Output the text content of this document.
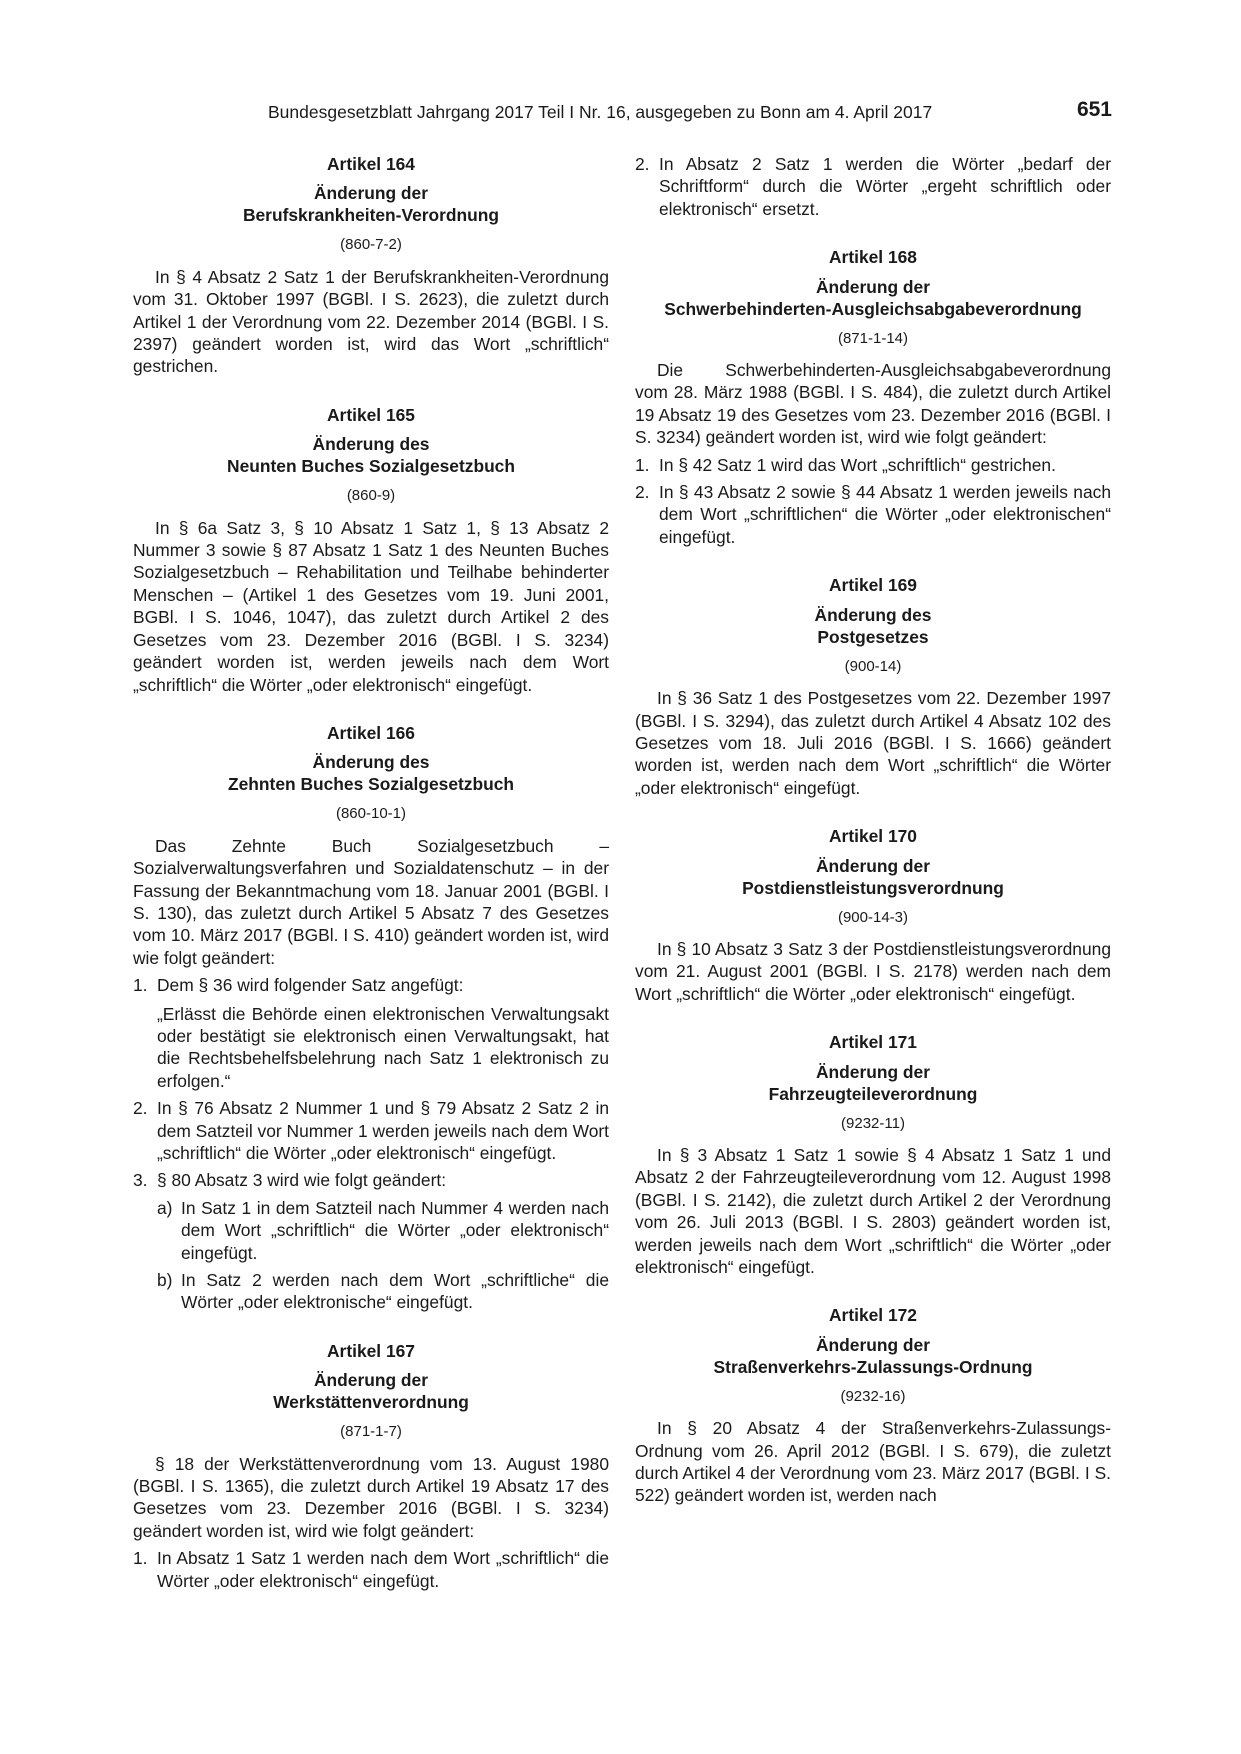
Bundesgesetzblatt Jahrgang 2017 Teil I Nr. 16, ausgegeben zu Bonn am 4. April 2017	651
Artikel 164
Änderung der
Berufskrankheiten-Verordnung
(860-7-2)

In § 4 Absatz 2 Satz 1 der Berufskrankheiten-Verordnung vom 31. Oktober 1997 (BGBl. I S. 2623), die zuletzt durch Artikel 1 der Verordnung vom 22. Dezember 2014 (BGBl. I S. 2397) geändert worden ist, wird das Wort „schriftlich“ gestrichen.

Artikel 165
Änderung des
Neunten Buches Sozialgesetzbuch
(860-9)

In § 6a Satz 3, § 10 Absatz 1 Satz 1, § 13 Absatz 2 Nummer 3 sowie § 87 Absatz 1 Satz 1 des Neunten Buches Sozialgesetzbuch – Rehabilitation und Teilhabe behinderter Menschen – (Artikel 1 des Gesetzes vom 19. Juni 2001, BGBl. I S. 1046, 1047), das zuletzt durch Artikel 2 des Gesetzes vom 23. Dezember 2016 (BGBl. I S. 3234) geändert worden ist, werden jeweils nach dem Wort „schriftlich“ die Wörter „oder elektronisch“ eingefügt.

Artikel 166
Änderung des
Zehnten Buches Sozialgesetzbuch
(860-10-1)

Das Zehnte Buch Sozialgesetzbuch – Sozialverwaltungsverfahren und Sozialdatenschutz – in der Fassung der Bekanntmachung vom 18. Januar 2001 (BGBl. I S. 130), das zuletzt durch Artikel 5 Absatz 7 des Gesetzes vom 10. März 2017 (BGBl. I S. 410) geändert worden ist, wird wie folgt geändert:

1. Dem § 36 wird folgender Satz angefügt:
„Erlässt die Behörde einen elektronischen Verwaltungsakt oder bestätigt sie elektronisch einen Verwaltungsakt, hat die Rechtsbehelfsbelehrung nach Satz 1 elektronisch zu erfolgen.“
2. In § 76 Absatz 2 Nummer 1 und § 79 Absatz 2 Satz 2 in dem Satzteil vor Nummer 1 werden jeweils nach dem Wort „schriftlich“ die Wörter „oder elektronisch“ eingefügt.
3. § 80 Absatz 3 wird wie folgt geändert:
a) In Satz 1 in dem Satzteil nach Nummer 4 werden nach dem Wort „schriftlich“ die Wörter „oder elektronisch“ eingefügt.
b) In Satz 2 werden nach dem Wort „schriftliche“ die Wörter „oder elektronische“ eingefügt.
Artikel 167
Änderung der
Werkstättenverordnung
(871-1-7)

§ 18 der Werkstättenverordnung vom 13. August 1980 (BGBl. I S. 1365), die zuletzt durch Artikel 19 Absatz 17 des Gesetzes vom 23. Dezember 2016 (BGBl. I S. 3234) geändert worden ist, wird wie folgt geändert:

1. In Absatz 1 Satz 1 werden nach dem Wort „schriftlich“ die Wörter „oder elektronisch“ eingefügt.
2. In Absatz 2 Satz 1 werden die Wörter „bedarf der Schriftform“ durch die Wörter „ergeht schriftlich oder elektronisch“ ersetzt.
Artikel 168
Änderung der
Schwerbehinderten-Ausgleichsabgabeverordnung
(871-1-14)

Die Schwerbehinderten-Ausgleichsabgabeverordnung vom 28. März 1988 (BGBl. I S. 484), die zuletzt durch Artikel 19 Absatz 19 des Gesetzes vom 23. Dezember 2016 (BGBl. I S. 3234) geändert worden ist, wird wie folgt geändert:

1. In § 42 Satz 1 wird das Wort „schriftlich“ gestrichen.
2. In § 43 Absatz 2 sowie § 44 Absatz 1 werden jeweils nach dem Wort „schriftlichen“ die Wörter „oder elektronischen“ eingefügt.
Artikel 169
Änderung des
Postgesetzes
(900-14)

In § 36 Satz 1 des Postgesetzes vom 22. Dezember 1997 (BGBl. I S. 3294), das zuletzt durch Artikel 4 Absatz 102 des Gesetzes vom 18. Juli 2016 (BGBl. I S. 1666) geändert worden ist, werden nach dem Wort „schriftlich“ die Wörter „oder elektronisch“ eingefügt.

Artikel 170
Änderung der
Postdienstleistungsverordnung
(900-14-3)

In § 10 Absatz 3 Satz 3 der Postdienstleistungsverordnung vom 21. August 2001 (BGBl. I S. 2178) werden nach dem Wort „schriftlich“ die Wörter „oder elektronisch“ eingefügt.

Artikel 171
Änderung der
Fahrzeugteileverordnung
(9232-11)

In § 3 Absatz 1 Satz 1 sowie § 4 Absatz 1 Satz 1 und Absatz 2 der Fahrzeugteileverordnung vom 12. August 1998 (BGBl. I S. 2142), die zuletzt durch Artikel 2 der Verordnung vom 26. Juli 2013 (BGBl. I S. 2803) geändert worden ist, werden jeweils nach dem Wort „schriftlich“ die Wörter „oder elektronisch“ eingefügt.

Artikel 172
Änderung der
Straßenverkehrs-Zulassungs-Ordnung
(9232-16)

In § 20 Absatz 4 der Straßenverkehrs-Zulassungs-Ordnung vom 26. April 2012 (BGBl. I S. 679), die zuletzt durch Artikel 4 der Verordnung vom 23. März 2017 (BGBl. I S. 522) geändert worden ist, werden nach
